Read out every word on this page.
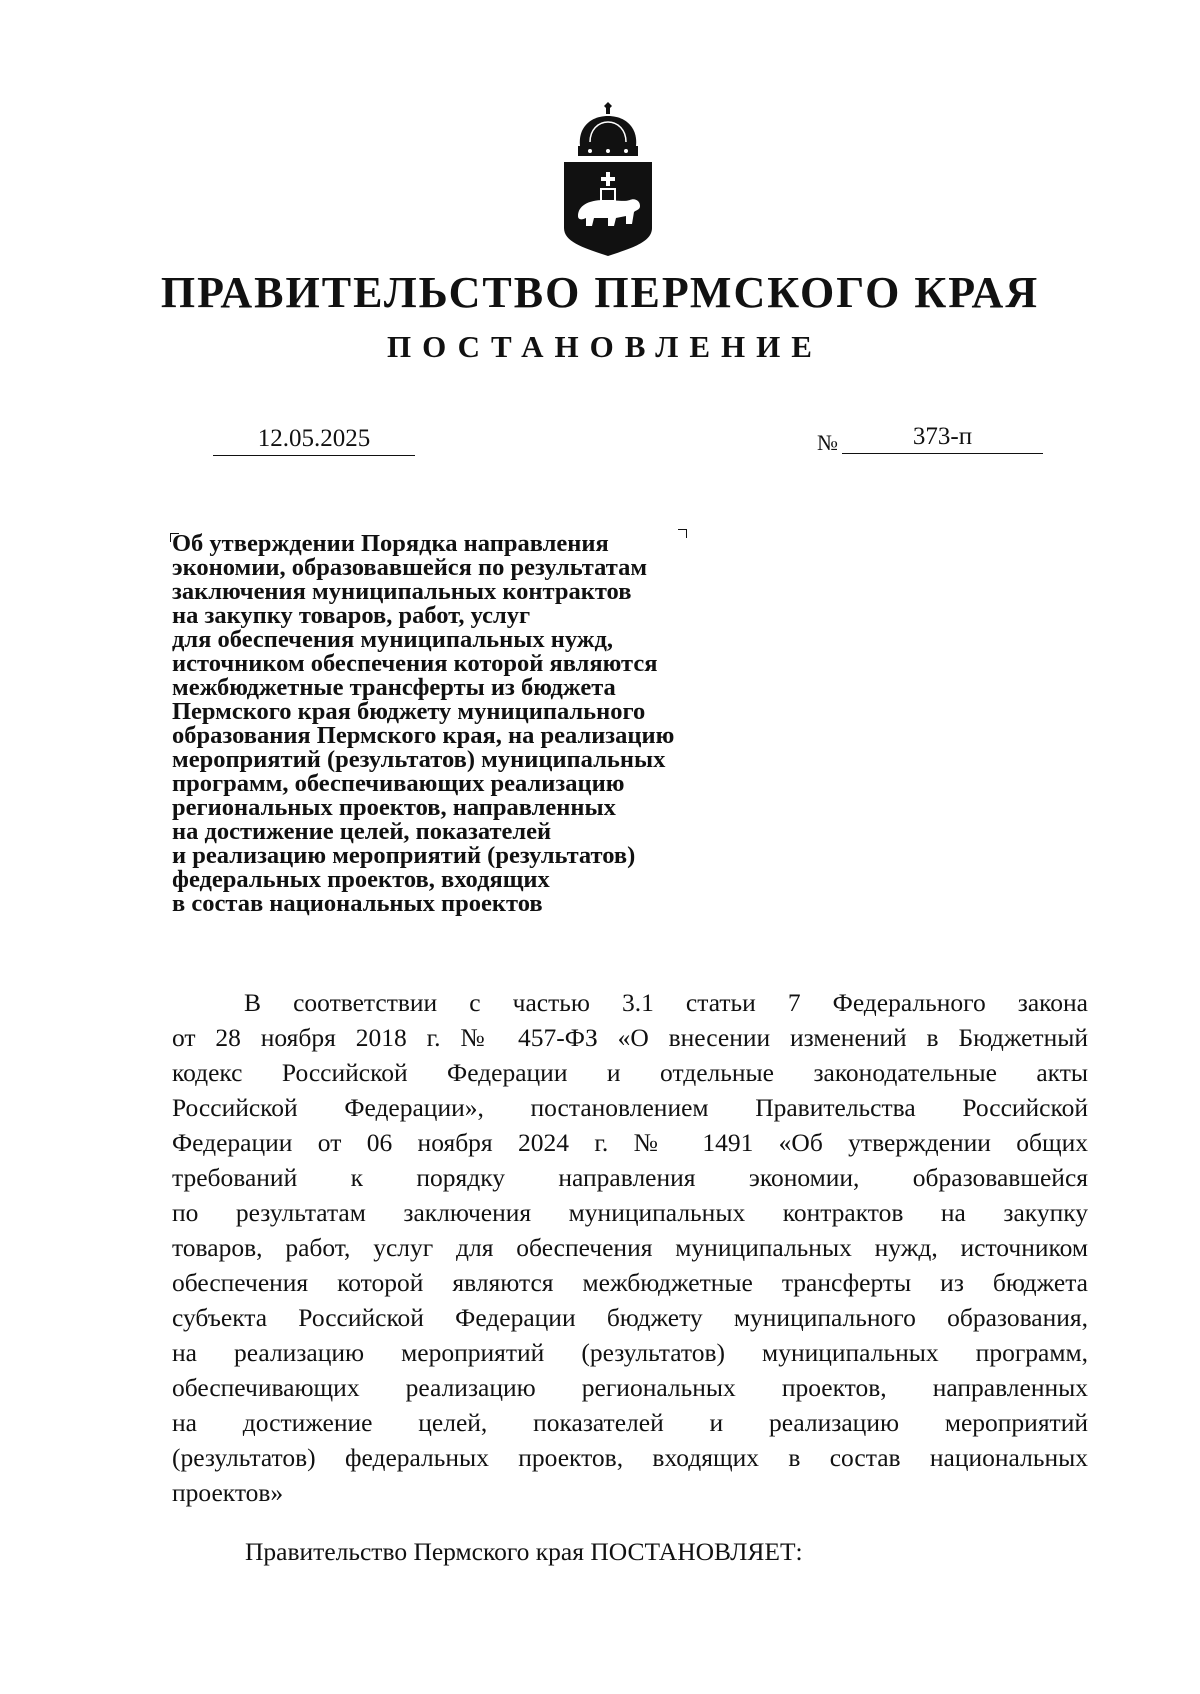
ПРАВИТЕЛЬСТВО ПЕРМСКОГО КРАЯ
ПОСТАНОВЛЕНИЕ
12.05.2025	№	373-п
Об утверждении Порядка направления
экономии, образовавшейся по результатам
заключения муниципальных контрактов
на закупку товаров, работ, услуг
для обеспечения муниципальных нужд,
источником обеспечения которой являются
межбюджетные трансферты из бюджета
Пермского края бюджету муниципального
образования Пермского края, на реализацию
мероприятий (результатов) муниципальных
программ, обеспечивающих реализацию
региональных проектов, направленных
на достижение целей, показателей
и реализацию мероприятий (результатов)
федеральных проектов, входящих
в состав национальных проектов
В соответствии с частью 3.1 статьи 7 Федерального закона
от 28 ноября 2018 г. № 457-ФЗ «О внесении изменений в Бюджетный
кодекс Российской Федерации и отдельные законодательные акты
Российской Федерации», постановлением Правительства Российской
Федерации от 06 ноября 2024 г. № 1491 «Об утверждении общих
требований к порядку направления экономии, образовавшейся
по результатам заключения муниципальных контрактов на закупку
товаров, работ, услуг для обеспечения муниципальных нужд, источником
обеспечения которой являются межбюджетные трансферты из бюджета
субъекта Российской Федерации бюджету муниципального образования,
на реализацию мероприятий (результатов) муниципальных программ,
обеспечивающих реализацию региональных проектов, направленных
на достижение целей, показателей и реализацию мероприятий
(результатов) федеральных проектов, входящих в состав национальных
проектов»
Правительство Пермского края ПОСТАНОВЛЯЕТ:
